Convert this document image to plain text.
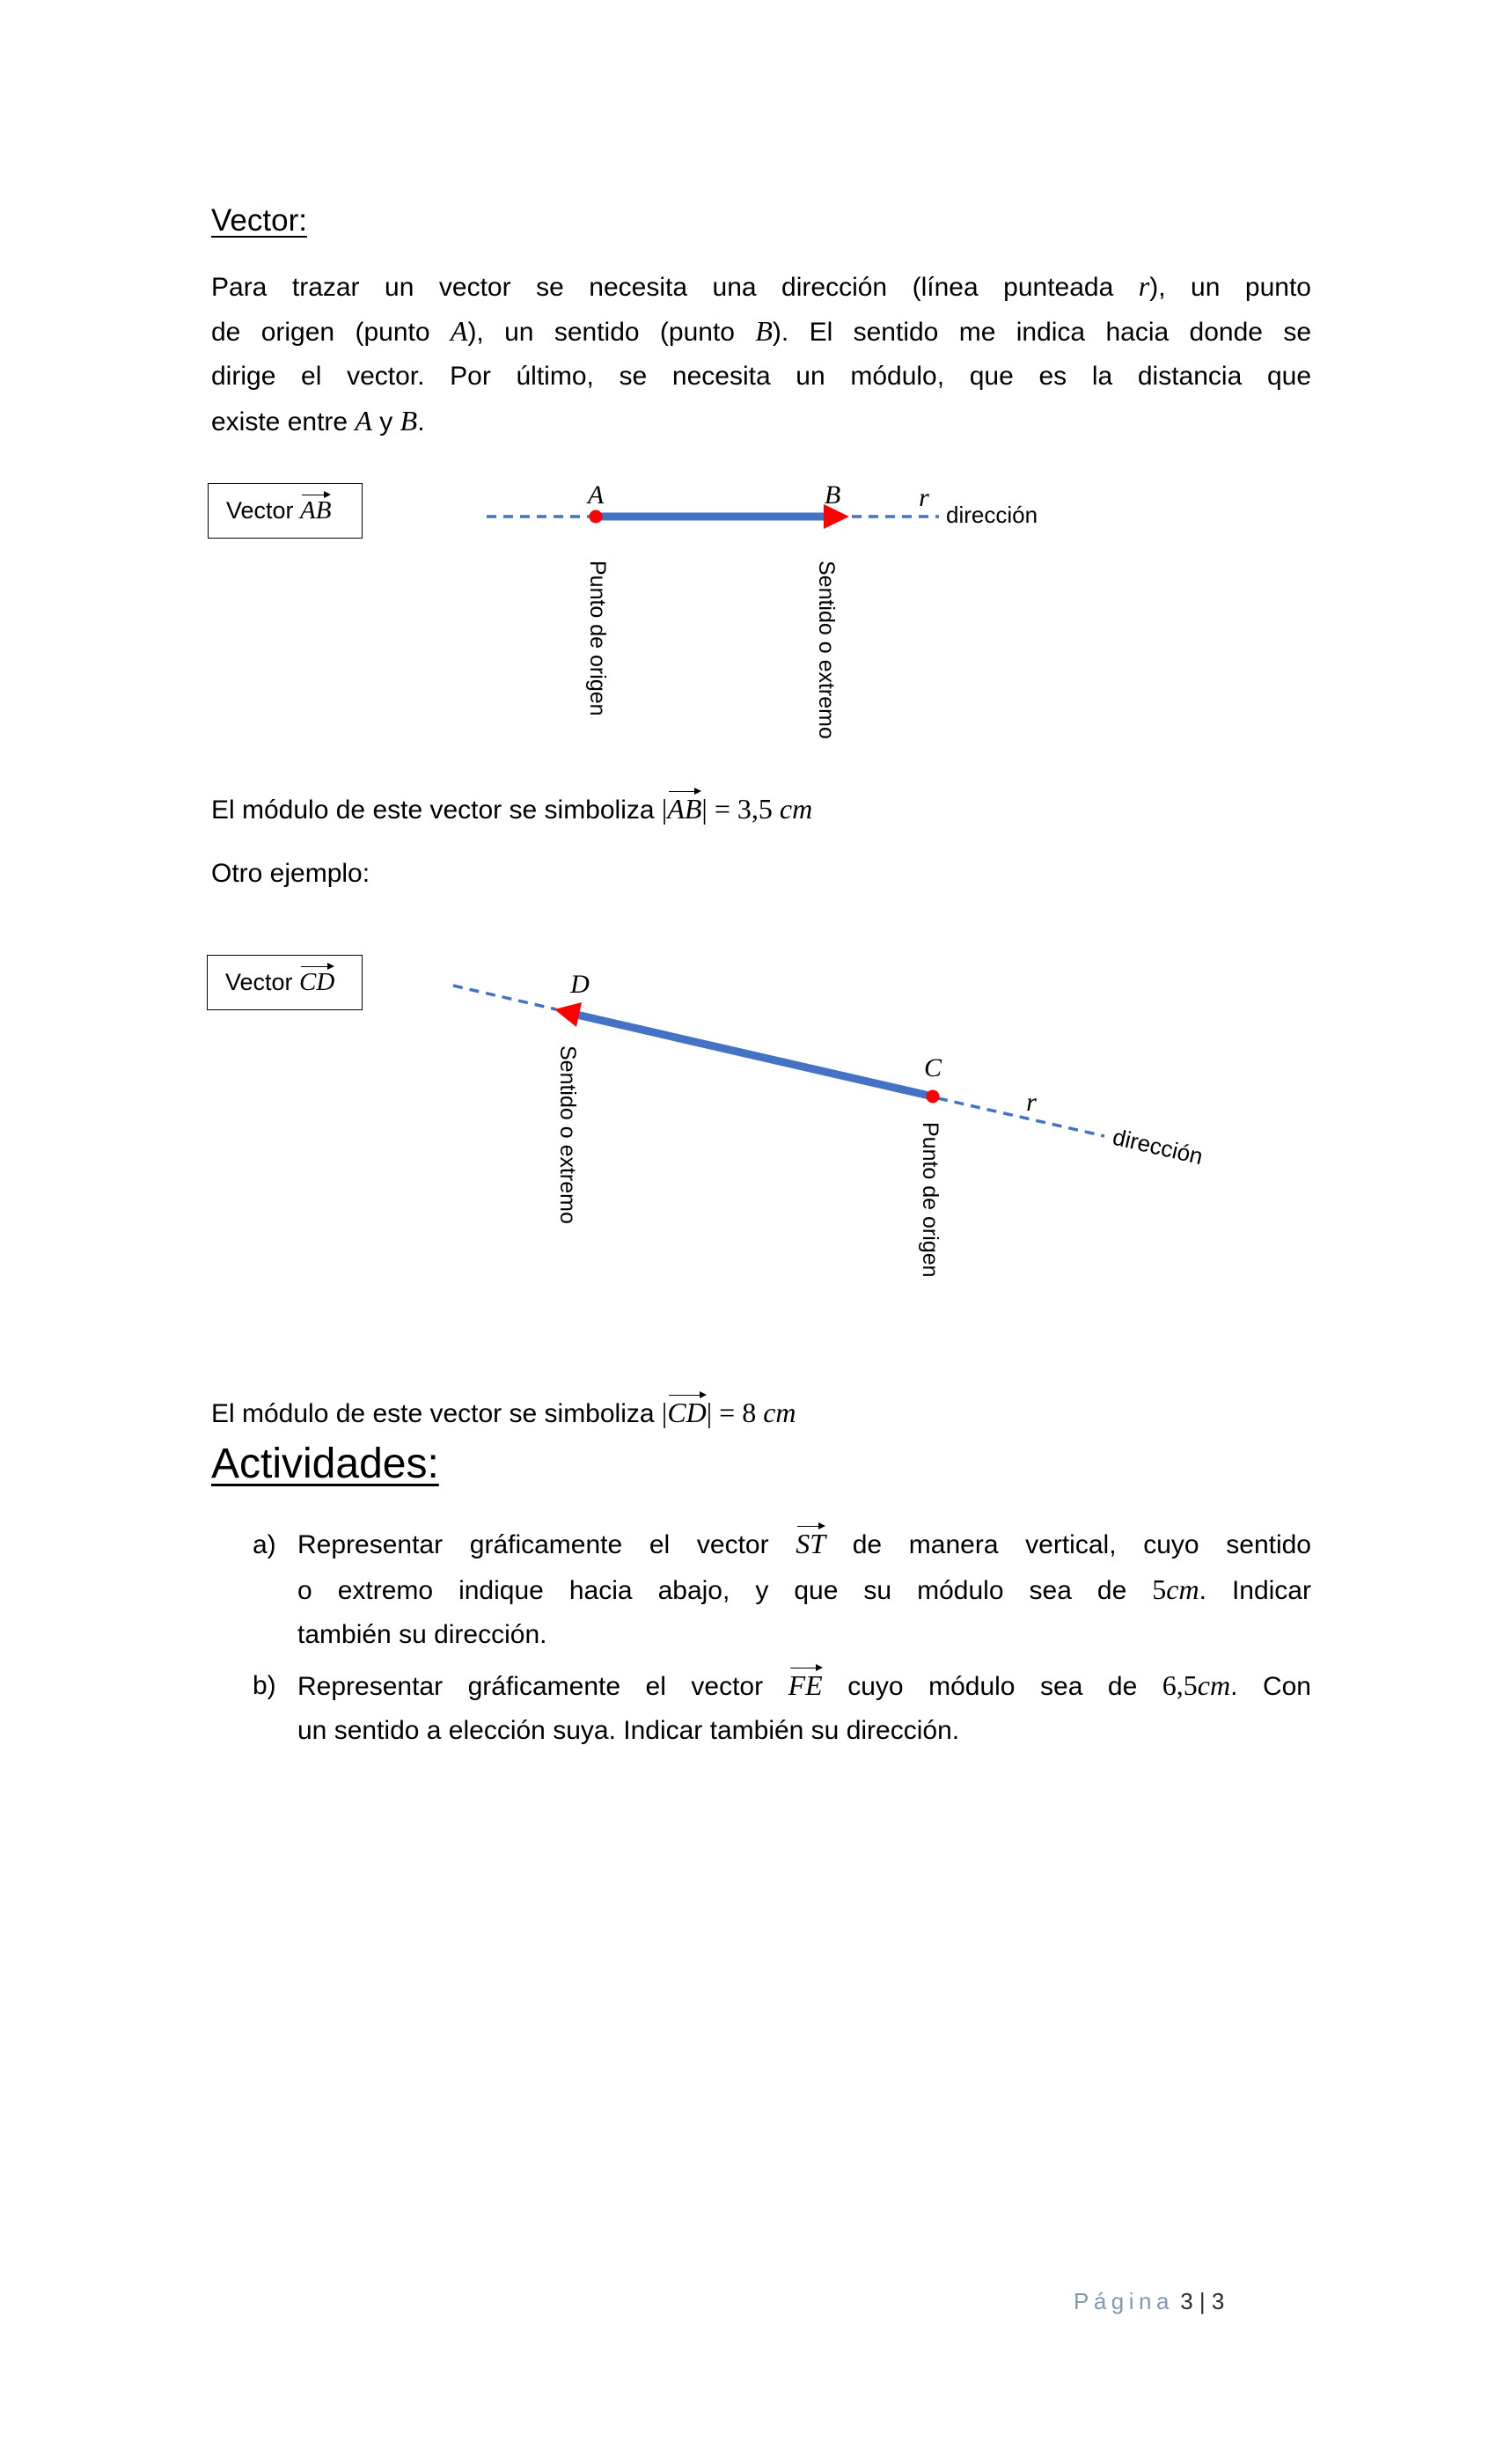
Vector:
Para trazar un vector se necesita una dirección (línea punteada r), un punto
de origen (punto A), un sentido (punto B). El sentido me indica hacia donde se
dirige el vector. Por último, se necesita un módulo, que es la distancia que
existe entre A y B.
Vector AB
Vector CD
A	B	r
dirección
Punto de origen	Sentido o extremo
D
C
r
dirección
Sentido o extremo	Punto de origen
El módulo de este vector se simboliza |AB| = 3,5 cm
Otro ejemplo:
El módulo de este vector se simboliza |CD| = 8 cm
Actividades:
a) Representar gráficamente el vector ST de manera vertical, cuyo sentido
o extremo indique hacia abajo, y que su módulo sea de 5cm. Indicar
también su dirección.
b) Representar gráficamente el vector FE cuyo módulo sea de 6,5cm. Con
un sentido a elección suya. Indicar también su dirección.
Página 3 | 3
